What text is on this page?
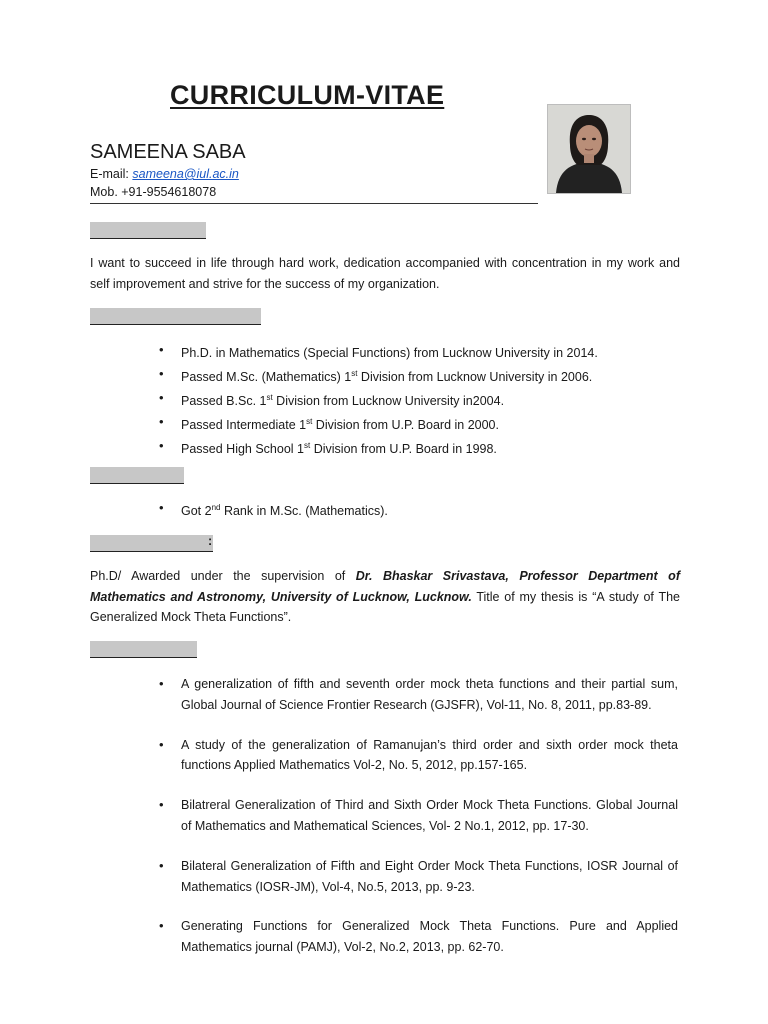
CURRICULUM-VITAE
SAMEENA SABA
E-mail: sameena@iul.ac.in
Mob. +91-9554618078
I want to succeed in life through hard work, dedication accompanied with concentration in my work and self improvement and strive for the success of my organization.
• Ph.D. in Mathematics (Special Functions) from Lucknow University in 2014.
• Passed M.Sc. (Mathematics) 1st Division from Lucknow University in 2006.
• Passed B.Sc. 1st Division from Lucknow University in2004.
• Passed Intermediate 1st Division from U.P. Board in 2000.
• Passed High School 1st Division from U.P. Board in 1998.
• Got 2nd Rank in M.Sc. (Mathematics).
:
Ph.D/ Awarded under the supervision of Dr. Bhaskar Srivastava, Professor Department of Mathematics and Astronomy, University of Lucknow, Lucknow. Title of my thesis is “A study of The Generalized Mock Theta Functions”.
• A generalization of fifth and seventh order mock theta functions and their partial sum, Global Journal of Science Frontier Research (GJSFR), Vol-11, No. 8, 2011, pp.83-89.
• A study of the generalization of Ramanujan’s third order and sixth order mock theta functions Applied Mathematics Vol-2, No. 5, 2012, pp.157-165.
• Bilatreral Generalization of Third and Sixth Order Mock Theta Functions. Global Journal of Mathematics and Mathematical Sciences, Vol- 2 No.1, 2012, pp. 17-30.
• Bilateral Generalization of Fifth and Eight Order Mock Theta Functions, IOSR Journal of Mathematics (IOSR-JM), Vol-4, No.5, 2013, pp. 9-23.
• Generating Functions for Generalized Mock Theta Functions. Pure and Applied Mathematics journal (PAMJ), Vol-2, No.2, 2013, pp. 62-70.
